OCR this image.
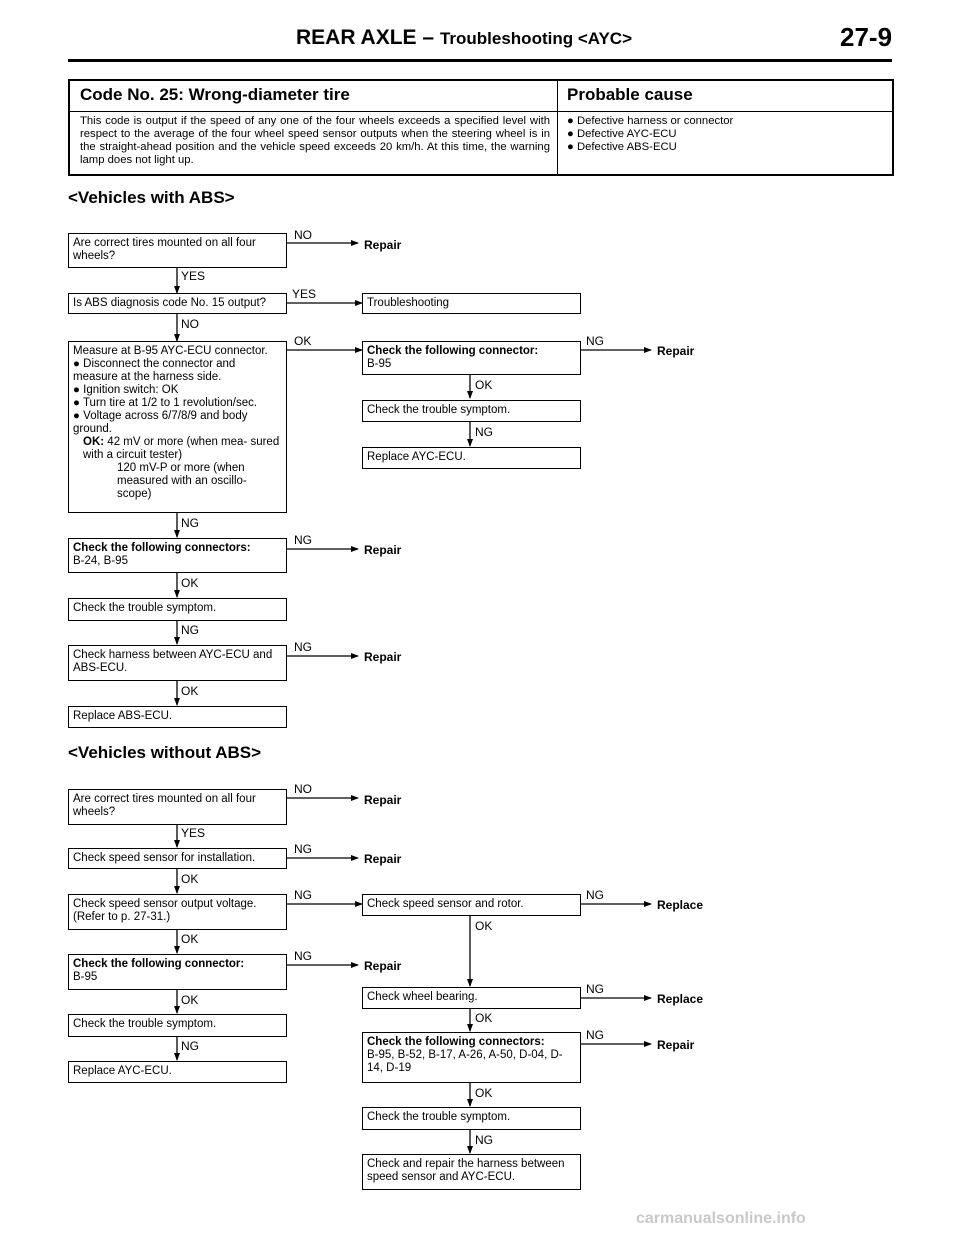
REAR AXLE – Troubleshooting <AYC>	27-9
Code No. 25: Wrong-diameter tire	Probable cause
This code is output if the speed of any one of the four wheels exceeds a specified level with respect to the average of the four wheel speed sensor outputs when the steering wheel is in the straight-ahead position and the vehicle speed exceeds 20 km/h. At this time, the warning lamp does not light up.
● Defective harness or connector
● Defective AYC-ECU
● Defective ABS-ECU
<Vehicles with ABS>
Are correct tires mounted on all four wheels?
NO
Repair
YES
Is ABS diagnosis code No. 15 output?
YES
Troubleshooting
NO
Measure at B-95 AYC-ECU connector.
● Disconnect the connector and measure at the harness side.
● Ignition switch: OK
● Turn tire at 1/2 to 1 revolution/sec.
● Voltage across 6/7/8/9 and body ground.
OK: 42 mV or more (when mea- sured with a circuit tester)
120 mV-P or more (when measured with an oscillo- scope)
OK
Check the following connector:
B-95
NG
Repair
OK
Check the trouble symptom.
NG
Replace AYC-ECU.
NG
Check the following connectors:
B-24, B-95
NG
Repair
OK
Check the trouble symptom.
NG
Check harness between AYC-ECU and ABS-ECU.
NG
Repair
OK
Replace ABS-ECU.
<Vehicles without ABS>
Are correct tires mounted on all four wheels?
NO
Repair
YES
Check speed sensor for installation.
NG
Repair
OK
Check speed sensor output voltage. (Refer to p. 27-31.)
NG
Check speed sensor and rotor.
NG
Replace
OK
OK
Check the following connector:
B-95
NG
Repair
OK	Check wheel bearing.
NG
Replace
OK
Check the trouble symptom.
NG
Replace AYC-ECU.
Check the following connectors:
B-95, B-52, B-17, A-26, A-50, D-04, D-14, D-19
NG
Repair
OK
Check the trouble symptom.
NG
Check and repair the harness between speed sensor and AYC-ECU.
carmanualsonline.info
